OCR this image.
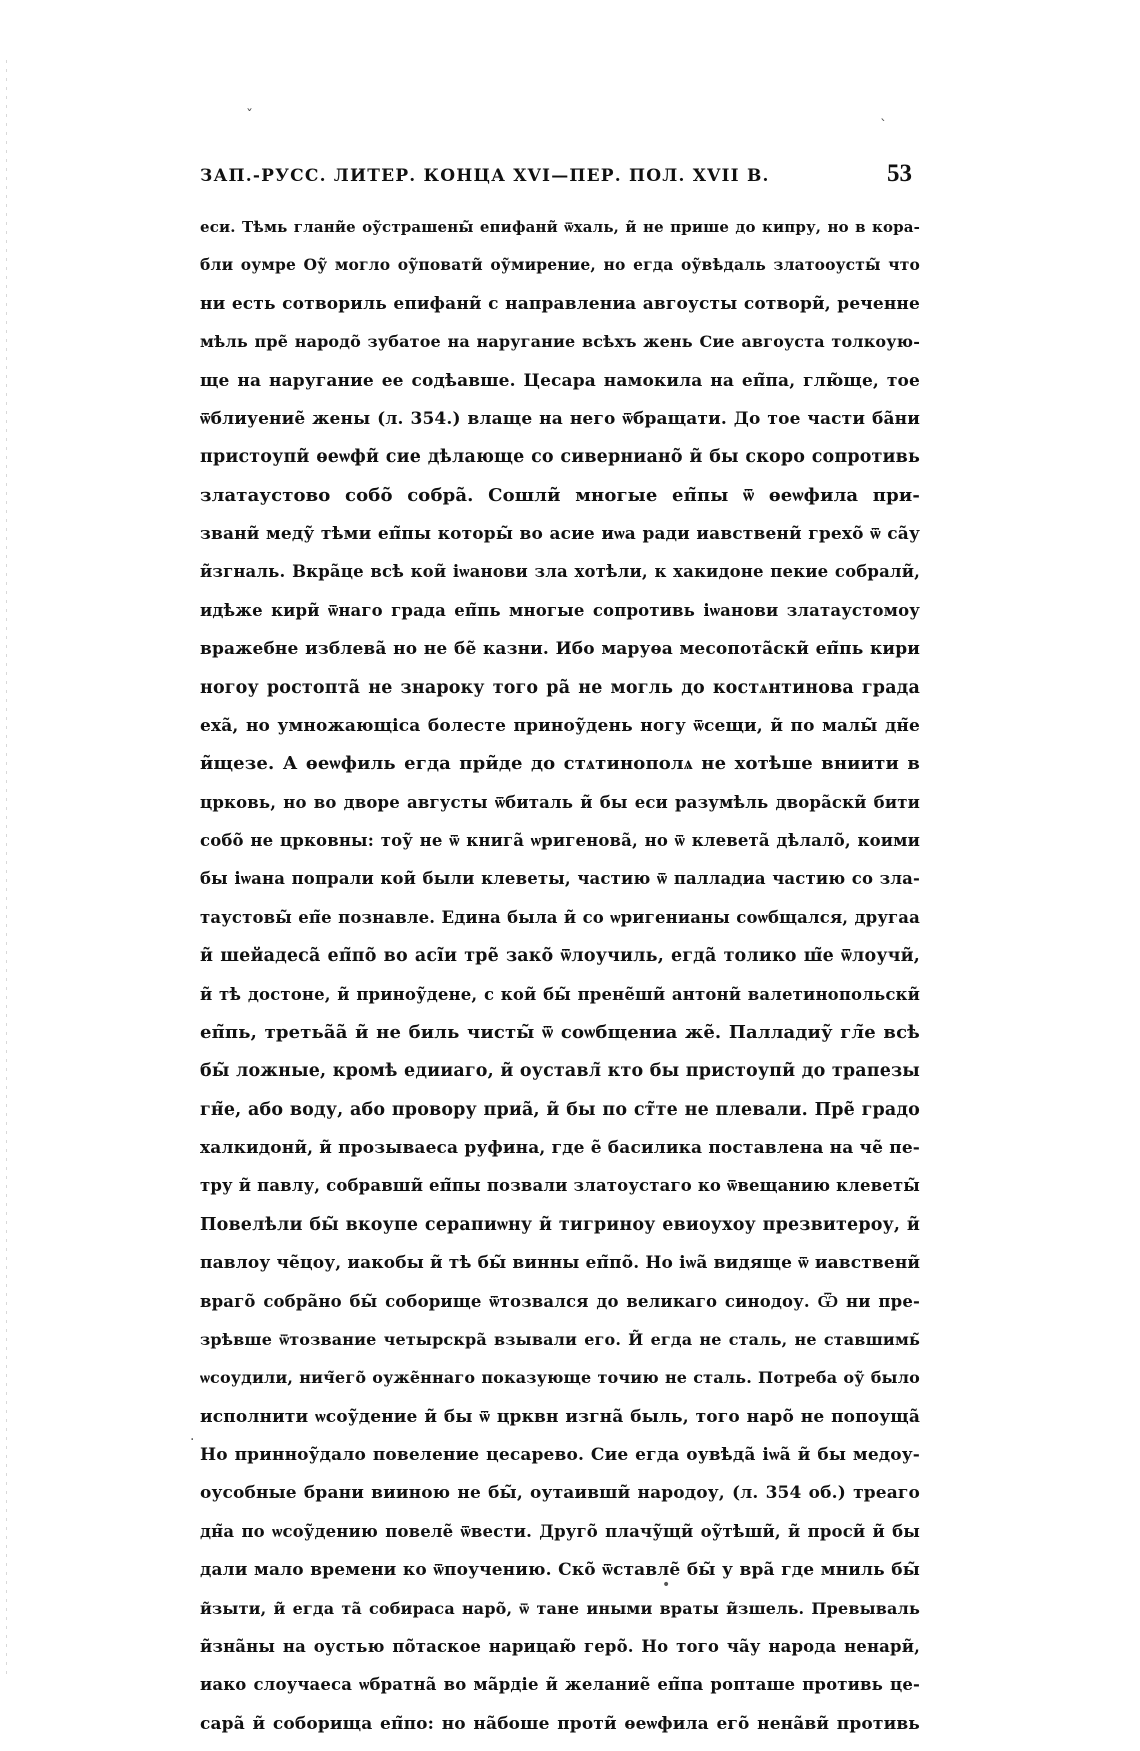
ˇ
`
·
•
ЗАП.-РУСС. ЛИТЕР. КОНЦА XVI—ПЕР. ПОЛ. XVII В.	53
еси. Тѣмь глани̃е оу̃страшены̃ епифани̃ ѿхаль, и̃ не прише до кипру, но в кора-
бли оумре Оу̃ могло оу̃повати̃ оу̃мирение, но егда оу̃вѣдаль златооусты̃ что
ни есть сотвориль епифани̃ с направлениа авгоусты сотвори̃, реченне
мѣль пре̃ народо̃ зубатое на наругание всѣхъ жень Сие авгоуста толкоую-
ще на наругание ее содѣавше. Цесара намокила на еп̃па, глю̃ще, тое
ѿблиуение̃ жены (л. 354.) влаще на него ѿбращати. До тое части ба̃ни
пристоупи̃ ѳеѡфи̃ сие дѣлающе со сиверниано̃ и̃ бы скоро сопротивь
златаустово собо̃ собра̃. Сошли̃ многые еп̃пы ѿ ѳеѡфила при-
звани̃ меду̃ тѣми еп̃пы которы̃ во асие иѡа ради иавствени̃ грехо̃ ѿ са̃у
и̃згналь. Вкра̃це всѣ кои̃ іѡанови зла хотѣли, к хакидоне пекие собрали̃,
идѣже кири̃ ѿнаго града еп̃пь многые сопротивь іѡанови златаустомоу
вражебне изблева̃ но не бе̃ казни. Ибо маруѳа месопота̃ски̃ еп̃пь кири
ногоу ростопта̃ не знароку того ра̃ не могль до костѧнтинова града
еха̃, но умножающіса болесте приноу̃день ногу ѿсещи, и̃ по малы̃ дн̃е
и̃щезе. А ѳеѡфиль егда при̃де до стѧтинополѧ не хотѣше вниити в
црковь, но во дворе августы ѿбиталь и̃ бы еси разумѣль двора̃ски̃ бити
собо̃ не црковны: тоу̃ не ѿ книга̃ ѡригенова̃, но ѿ клевета̃ дѣлало̃, коими
бы іѡана попрали кои̃ были клеветы, частию ѿ палладиа частию со зла-
таустовы̃ еп̃е познавле. Едина была и̃ со ѡригенианы соѡбщался, другаа
и̃ шейадеса̃ еп̃по̃ во асі̃и тре̃ зако̃ ѿлоучиль, егда̃ толико ш̃е ѿлоучи̃,
и̃ тѣ достоне, и̃ приноу̃дене, с кои̃ бы̃ прене̃ши̃ антони̃ валетинопольски̃
еп̃пь, третьа̃а̃ и̃ не биль чисты̃ ѿ соѡбщениа же̃. Палладиу̃ гл̃е всѣ
бы̃ ложные, кромѣ едииаго, и̃ оуставл̃ кто бы пристоупи̃ до трапезы
гн̃е, або воду, або провору приа̃, и̃ бы по ст̃те не плевали. Пре̃ градо
халкидони̃, и̃ прозываеса руфина, где е̃ басилика поставлена на че̃ пе-
тру и̃ павлу, собравши̃ еп̃пы позвали златоустаго ко ѿвещанию клеветы̃
Повелѣли бы̃ вкоупе серапиѡну и̃ тигриноу евиоухоу презвитероу, и̃
павлоу че̃цоу, иакобы и̃ тѣ бы̃ винны еп̃по̃. Но іѡа̃ видяще ѿ иавствени̃
враго̃ собра̃но бы̃ соборище ѿтозвался до великаго синодоу. Ѿ ни пре-
зрѣвше ѿтозвание четырскра̃ взывали его. И̃ егда не сталь, не ставшимь̃
ѡсоудили, нич̃его̃ оуже̃ннаго показующе точию не сталь. Потреба оу̃ было
исполнити ѡсоу̃дение и̃ бы ѿ црквн изгна̃ быль, того наро̃ не попоуща̃
Но принноу̃дало повеление цесарево. Сие егда оувѣда̃ іѡа̃ и̃ бы медоу-
оусобные брани вииною не бы̃, оутаивши̃ народоу, (л. 354 об.) треаго
дн̃а по ѡсоу̃дению повеле̃ ѿвести. Друго̃ плачу̃щи̃ оу̃тѣши̃, и̃ проси̃ и̃ бы
дали мало времени ко ѿпоучению. Ско̃ ѿставле̃ бы̃ у вра̃ где мниль бы̃
и̃зыти, и̃ егда та̃ собираса наро̃, ѿ тане иными враты и̃зшель. Превываль
и̃зна̃ны на оустью по̃таское нарицаю̃ геро̃. Но того ча̃у народа ненари̃,
иако слоучаеса ѡбратна̃ во ма̃рдіе и̃ желание̃ еп̃па ропташе противь це-
сара̃ и̃ соборища еп̃по: но на̃боше проти̃ ѳеѡфила его̃ нена̃ви̃ противь
